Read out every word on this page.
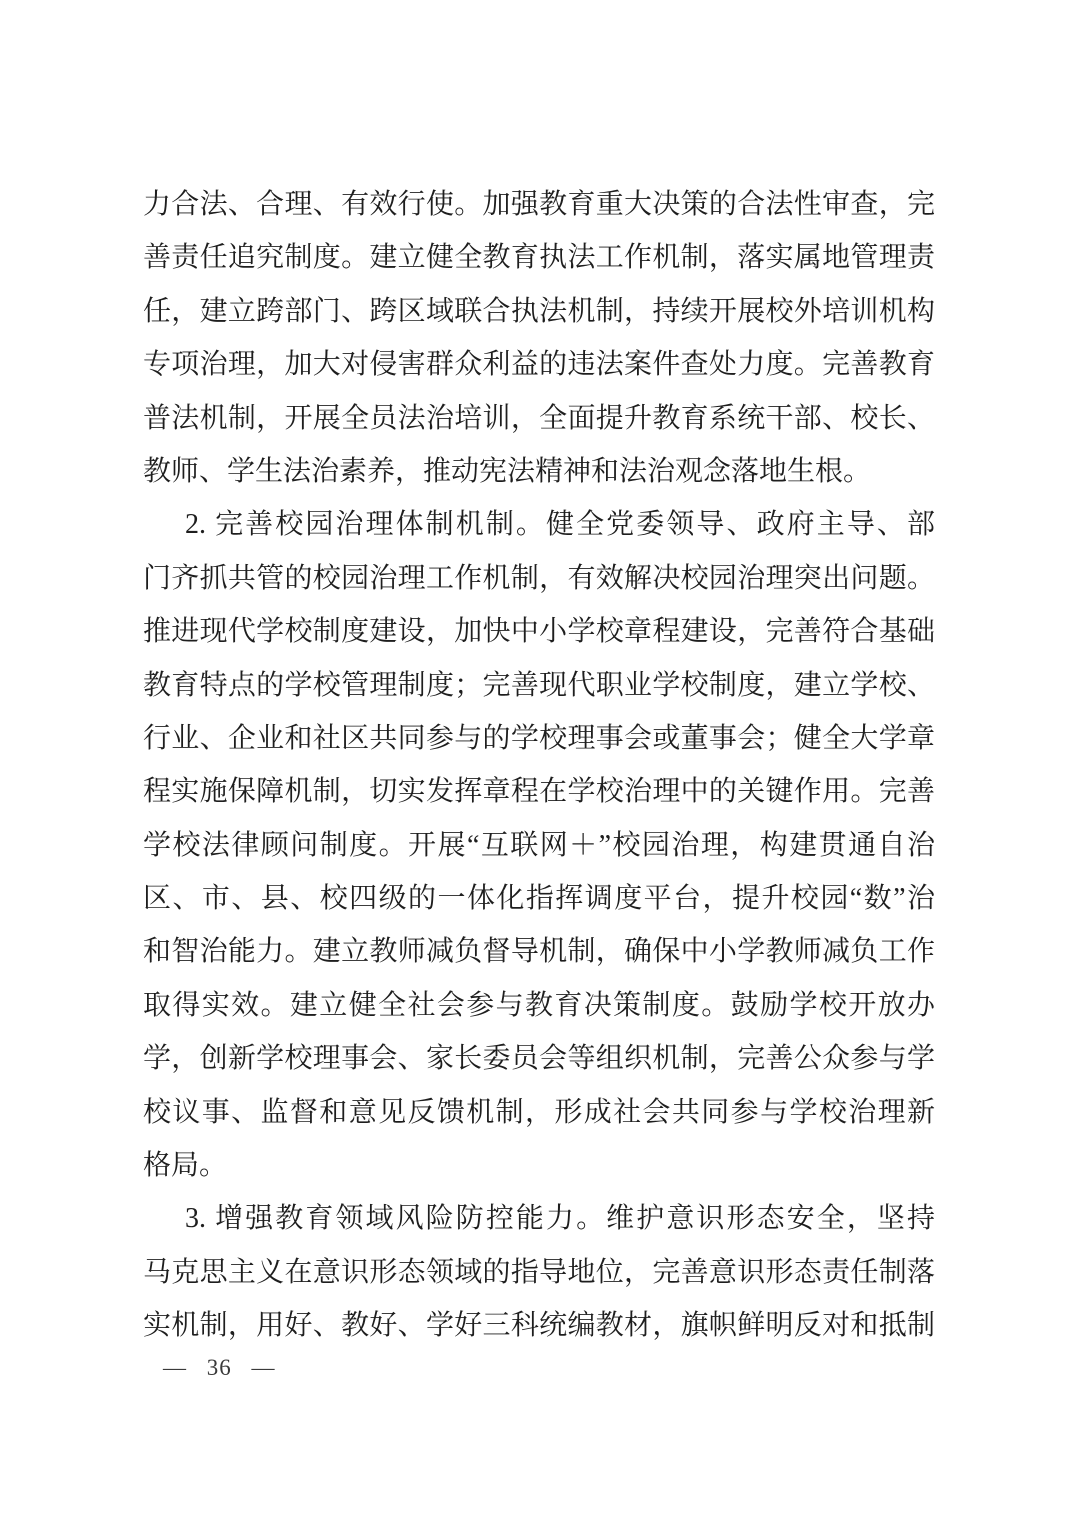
力合法、合理、有效行使。加强教育重大决策的合法性审查，完

善责任追究制度。建立健全教育执法工作机制，落实属地管理责

任，建立跨部门、跨区域联合执法机制，持续开展校外培训机构

专项治理，加大对侵害群众利益的违法案件查处力度。完善教育

普法机制，开展全员法治培训，全面提升教育系统干部、校长、

教师、学生法治素养，推动宪法精神和法治观念落地生根。

2. 完善校园治理体制机制。健全党委领导、政府主导、部

门齐抓共管的校园治理工作机制，有效解决校园治理突出问题。

推进现代学校制度建设，加快中小学校章程建设，完善符合基础

教育特点的学校管理制度；完善现代职业学校制度，建立学校、

行业、企业和社区共同参与的学校理事会或董事会；健全大学章

程实施保障机制，切实发挥章程在学校治理中的关键作用。完善

学校法律顾问制度。开展“互联网＋”校园治理，构建贯通自治

区、市、县、校四级的一体化指挥调度平台，提升校园“数”治

和智治能力。建立教师减负督导机制，确保中小学教师减负工作

取得实效。建立健全社会参与教育决策制度。鼓励学校开放办

学，创新学校理事会、家长委员会等组织机制，完善公众参与学

校议事、监督和意见反馈机制，形成社会共同参与学校治理新

格局。

3. 增强教育领域风险防控能力。维护意识形态安全，坚持

马克思主义在意识形态领域的指导地位，完善意识形态责任制落

实机制，用好、教好、学好三科统编教材，旗帜鲜明反对和抵制

— 36 —
